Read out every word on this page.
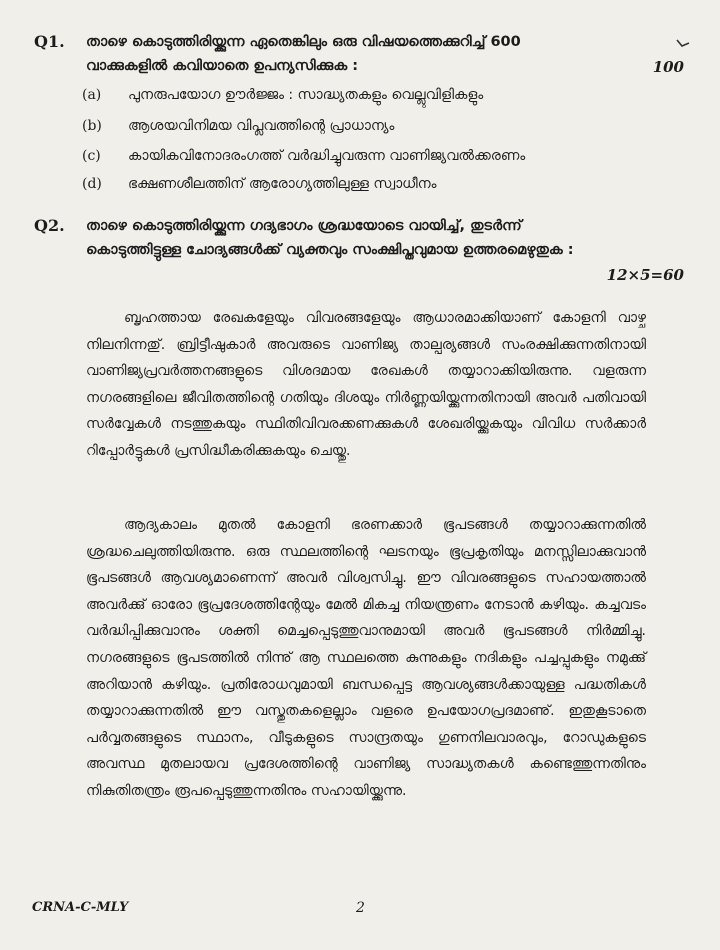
Q1. താഴെ കൊടുത്തിരിയ്ക്കുന്ന ഏതെങ്കിലും ഒരു വിഷയത്തെക്കുറിച്ച് 600 വാക്കുകളിൽ കവിയാതെ ഉപന്യസിക്കുക :	100
(a) പുനരുപയോഗ ഊർജ്ജം : സാദ്ധ്യതകളും വെല്ലുവിളികളും
(b) ആശയവിനിമയ വിപ്ലവത്തിന്റെ പ്രാധാന്യം
(c) കായികവിനോദരംഗത്ത് വർദ്ധിച്ചുവരുന്ന വാണിജ്യവൽക്കരണം
(d) ഭക്ഷണശീലത്തിന് ആരോഗ്യത്തിലുള്ള സ്വാധീനം
Q2. താഴെ കൊടുത്തിരിയ്ക്കുന്ന ഗദ്യഭാഗം ശ്രദ്ധയോടെ വായിച്ച്, തുടർന്ന് കൊടുത്തിട്ടുള്ള ചോദ്യങ്ങൾക്ക് വ്യക്തവും സംക്ഷിപ്തവുമായ ഉത്തരമെഴുതുക :
12×5=60
ബൃഹത്തായ രേഖകളേയും വിവരങ്ങളേയും ആധാരമാക്കിയാണ് കോളനി വാഴ്ച നിലനിന്നതു്. ബ്രിട്ടീഷുകാർ അവരുടെ വാണിജ്യ താല്പര്യങ്ങൾ സംരക്ഷിക്കുന്നതിനായി വാണിജ്യപ്രവർത്തനങ്ങളുടെ വിശദമായ രേഖകൾ തയ്യാറാക്കിയിരുന്നു. വളരുന്ന നഗരങ്ങളിലെ ജീവിതത്തിന്റെ ഗതിയും ദിശയും നിർണ്ണയിയ്ക്കുന്നതിനായി അവർ പതിവായി സർവ്വേകൾ നടത്തുകയും സ്ഥിതിവിവരക്കണക്കുകൾ ശേഖരിയ്ക്കുകയും വിവിധ സർക്കാർ റിപ്പോർട്ടുകൾ പ്രസിദ്ധീകരിക്കുകയും ചെയ്തു.
ആദ്യകാലം മുതൽ കോളനി ഭരണക്കാർ ഭൂപടങ്ങൾ തയ്യാറാക്കുന്നതിൽ ശ്രദ്ധചെലുത്തിയിരുന്നു. ഒരു സ്ഥലത്തിന്റെ ഘടനയും ഭൂപ്രകൃതിയും മനസ്സിലാക്കുവാൻ ഭൂപടങ്ങൾ ആവശ്യമാണെന്ന് അവർ വിശ്വസിച്ചു. ഈ വിവരങ്ങളുടെ സഹായത്താൽ അവർക്കു് ഓരോ ഭൂപ്രദേശത്തിന്റേയും മേൽ മികച്ച നിയന്ത്രണം നേടാൻ കഴിയും. കച്ചവടം വർദ്ധിപ്പിക്കുവാനും ശക്തി മെച്ചപ്പെടുത്തുവാനുമായി അവർ ഭൂപടങ്ങൾ നിർമ്മിച്ചു. നഗരങ്ങളുടെ ഭൂപടത്തിൽ നിന്നു് ആ സ്ഥലത്തെ കുന്നുകളും നദികളും പച്ചപ്പുകളും നമുക്കു് അറിയാൻ കഴിയും. പ്രതിരോധവുമായി ബന്ധപ്പെട്ട ആവശ്യങ്ങൾക്കായുള്ള പദ്ധതികൾ തയ്യാറാക്കുന്നതിൽ ഈ വസ്തുതകളെല്ലാം വളരെ ഉപയോഗപ്രദമാണു്. ഇതുകൂടാതെ പർവ്വതങ്ങളുടെ സ്ഥാനം, വീടുകളുടെ സാന്ദ്രതയും ഗുണനിലവാരവും, റോഡുകളുടെ അവസ്ഥ മുതലായവ പ്രദേശത്തിന്റെ വാണിജ്യ സാദ്ധ്യതകൾ കണ്ടെത്തുന്നതിനും നികുതിതന്ത്രം രൂപപ്പെടുത്തുന്നതിനും സഹായിയ്ക്കുന്നു.
CRNA-C-MLY	2
